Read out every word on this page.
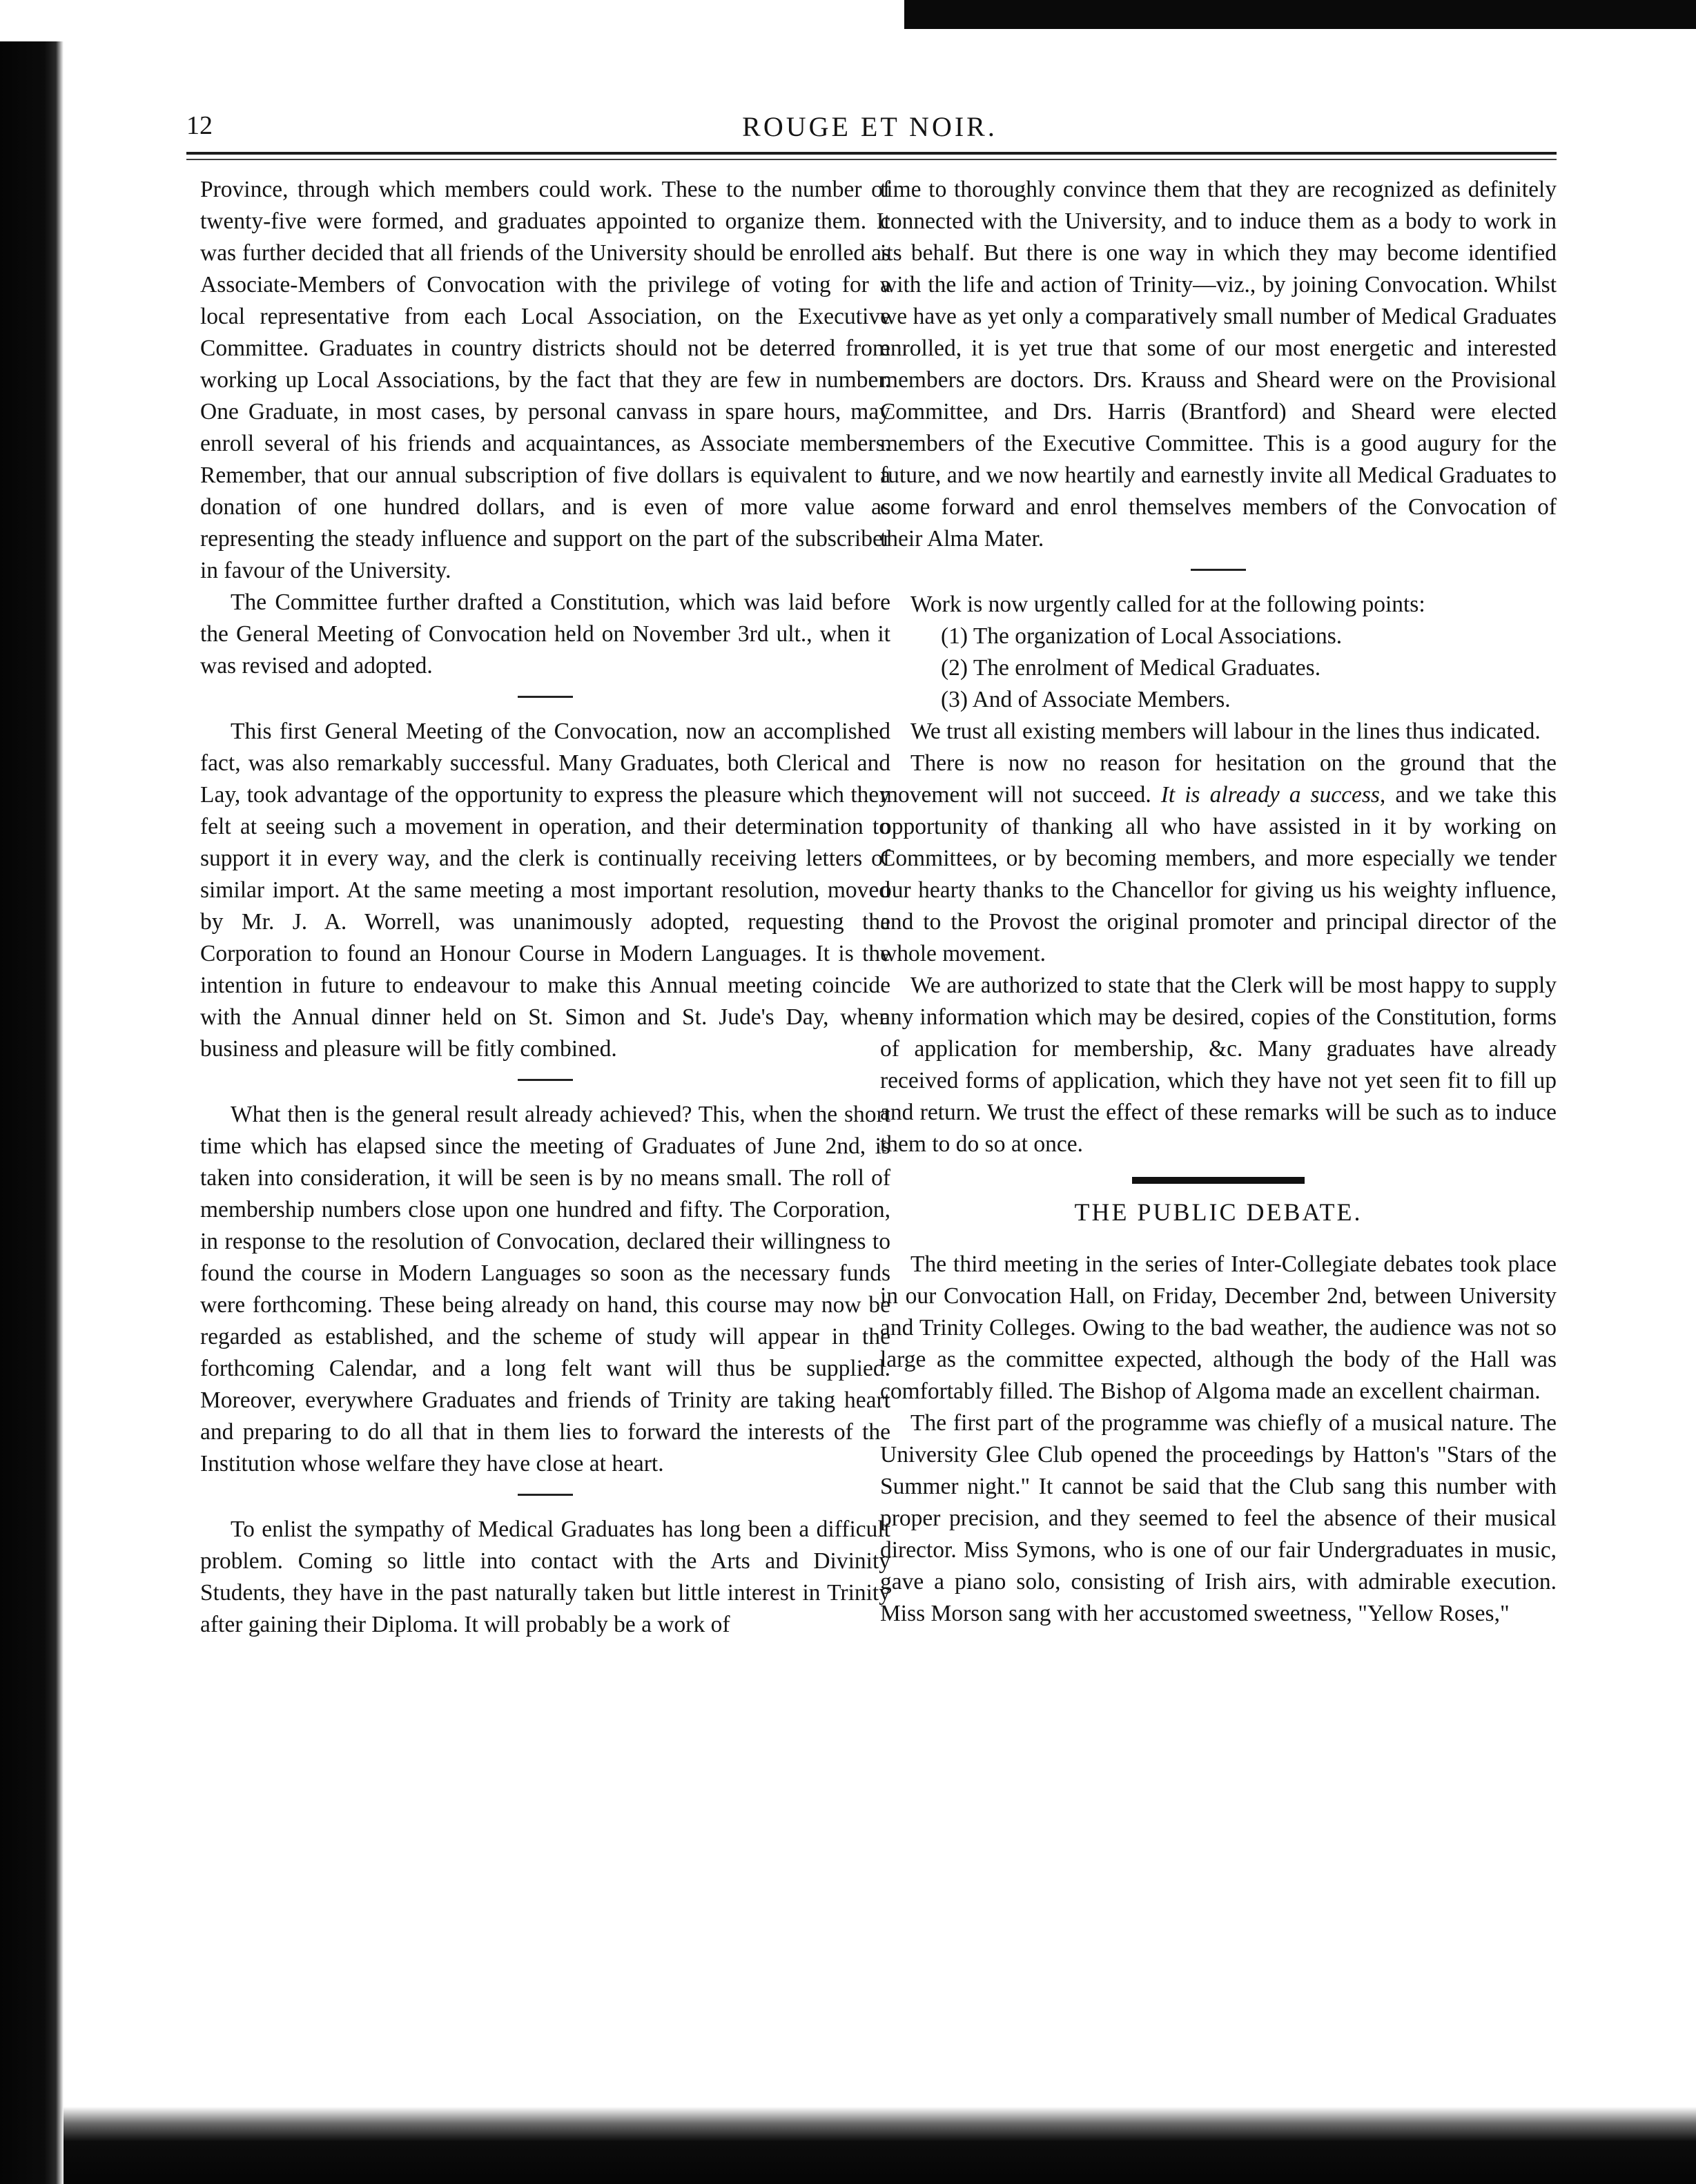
12	ROUGE ET NOIR.

Province, through which members could work. These to the number of twenty-five were formed, and graduates appointed to organize them. It was further decided that all friends of the University should be enrolled as Associate-Members of Convocation with the privilege of voting for a local representative from each Local Association, on the Executive Committee. Graduates in country districts should not be deterred from working up Local Associations, by the fact that they are few in number. One Graduate, in most cases, by personal canvass in spare hours, may enroll several of his friends and acquaintances, as Associate members. Remember, that our annual subscription of five dollars is equivalent to a donation of one hundred dollars, and is even of more value as representing the steady influence and support on the part of the subscriber in favour of the University.

The Committee further drafted a Constitution, which was laid before the General Meeting of Convocation held on November 3rd ult., when it was revised and adopted.

This first General Meeting of the Convocation, now an accomplished fact, was also remarkably successful. Many Graduates, both Clerical and Lay, took advantage of the opportunity to express the pleasure which they felt at seeing such a movement in operation, and their determination to support it in every way, and the clerk is continually receiving letters of similar import. At the same meeting a most important resolution, moved by Mr. J. A. Worrell, was unanimously adopted, requesting the Corporation to found an Honour Course in Modern Languages. It is the intention in future to endeavour to make this Annual meeting coincide with the Annual dinner held on St. Simon and St. Jude's Day, when business and pleasure will be fitly combined.

What then is the general result already achieved? This, when the short time which has elapsed since the meeting of Graduates of June 2nd, is taken into consideration, it will be seen is by no means small. The roll of membership numbers close upon one hundred and fifty. The Corporation, in response to the resolution of Convocation, declared their willingness to found the course in Modern Languages so soon as the necessary funds were forthcoming. These being already on hand, this course may now be regarded as established, and the scheme of study will appear in the forthcoming Calendar, and a long felt want will thus be supplied. Moreover, everywhere Graduates and friends of Trinity are taking heart and preparing to do all that in them lies to forward the interests of the Institution whose welfare they have close at heart.

To enlist the sympathy of Medical Graduates has long been a difficult problem. Coming so little into contact with the Arts and Divinity Students, they have in the past naturally taken but little interest in Trinity after gaining their Diploma. It will probably be a work of

time to thoroughly convince them that they are recognized as definitely connected with the University, and to induce them as a body to work in its behalf. But there is one way in which they may become identified with the life and action of Trinity—viz., by joining Convocation. Whilst we have as yet only a comparatively small number of Medical Graduates enrolled, it is yet true that some of our most energetic and interested members are doctors. Drs. Krauss and Sheard were on the Provisional Committee, and Drs. Harris (Brantford) and Sheard were elected members of the Executive Committee. This is a good augury for the future, and we now heartily and earnestly invite all Medical Graduates to come forward and enrol themselves members of the Convocation of their Alma Mater.

Work is now urgently called for at the following points:

(1) The organization of Local Associations.

(2) The enrolment of Medical Graduates.

(3) And of Associate Members.

We trust all existing members will labour in the lines thus indicated.

There is now no reason for hesitation on the ground that the movement will not succeed. It is already a success, and we take this opportunity of thanking all who have assisted in it by working on Committees, or by becoming members, and more especially we tender our hearty thanks to the Chancellor for giving us his weighty influence, and to the Provost the original promoter and principal director of the whole movement.

We are authorized to state that the Clerk will be most happy to supply any information which may be desired, copies of the Constitution, forms of application for membership, &c. Many graduates have already received forms of application, which they have not yet seen fit to fill up and return. We trust the effect of these remarks will be such as to induce them to do so at once.

THE PUBLIC DEBATE.

The third meeting in the series of Inter-Collegiate debates took place in our Convocation Hall, on Friday, December 2nd, between University and Trinity Colleges. Owing to the bad weather, the audience was not so large as the committee expected, although the body of the Hall was comfortably filled. The Bishop of Algoma made an excellent chairman.

The first part of the programme was chiefly of a musical nature. The University Glee Club opened the proceedings by Hatton's "Stars of the Summer night." It cannot be said that the Club sang this number with proper precision, and they seemed to feel the absence of their musical director. Miss Symons, who is one of our fair Undergraduates in music, gave a piano solo, consisting of Irish airs, with admirable execution. Miss Morson sang with her accustomed sweetness, "Yellow Roses,"
